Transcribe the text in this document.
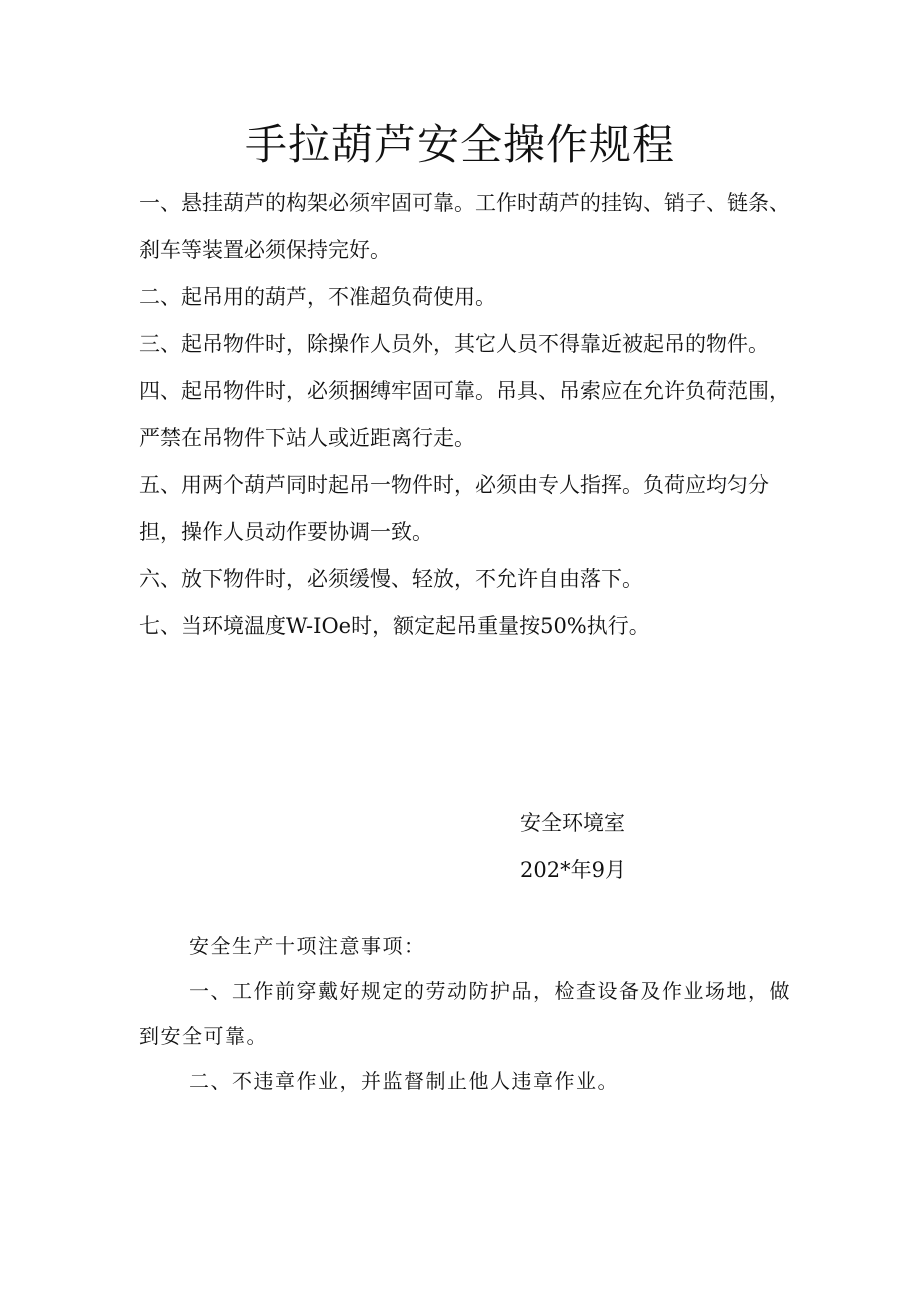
手拉葫芦安全操作规程

一、悬挂葫芦的构架必须牢固可靠。工作时葫芦的挂钩、销子、链条、刹车等装置必须保持完好。

二、起吊用的葫芦，不准超负荷使用。

三、起吊物件时，除操作人员外，其它人员不得靠近被起吊的物件。

四、起吊物件时，必须捆缚牢固可靠。吊具、吊索应在允许负荷范围，严禁在吊物件下站人或近距离行走。

五、用两个葫芦同时起吊一物件时，必须由专人指挥。负荷应均匀分担，操作人员动作要协调一致。

六、放下物件时，必须缓慢、轻放，不允许自由落下。

七、当环境温度W-IOe时，额定起吊重量按50%执行。

安全环境室

202*年9月

安全生产十项注意事项：

一、工作前穿戴好规定的劳动防护品，检查设备及作业场地，做到安全可靠。

二、不违章作业，并监督制止他人违章作业。
